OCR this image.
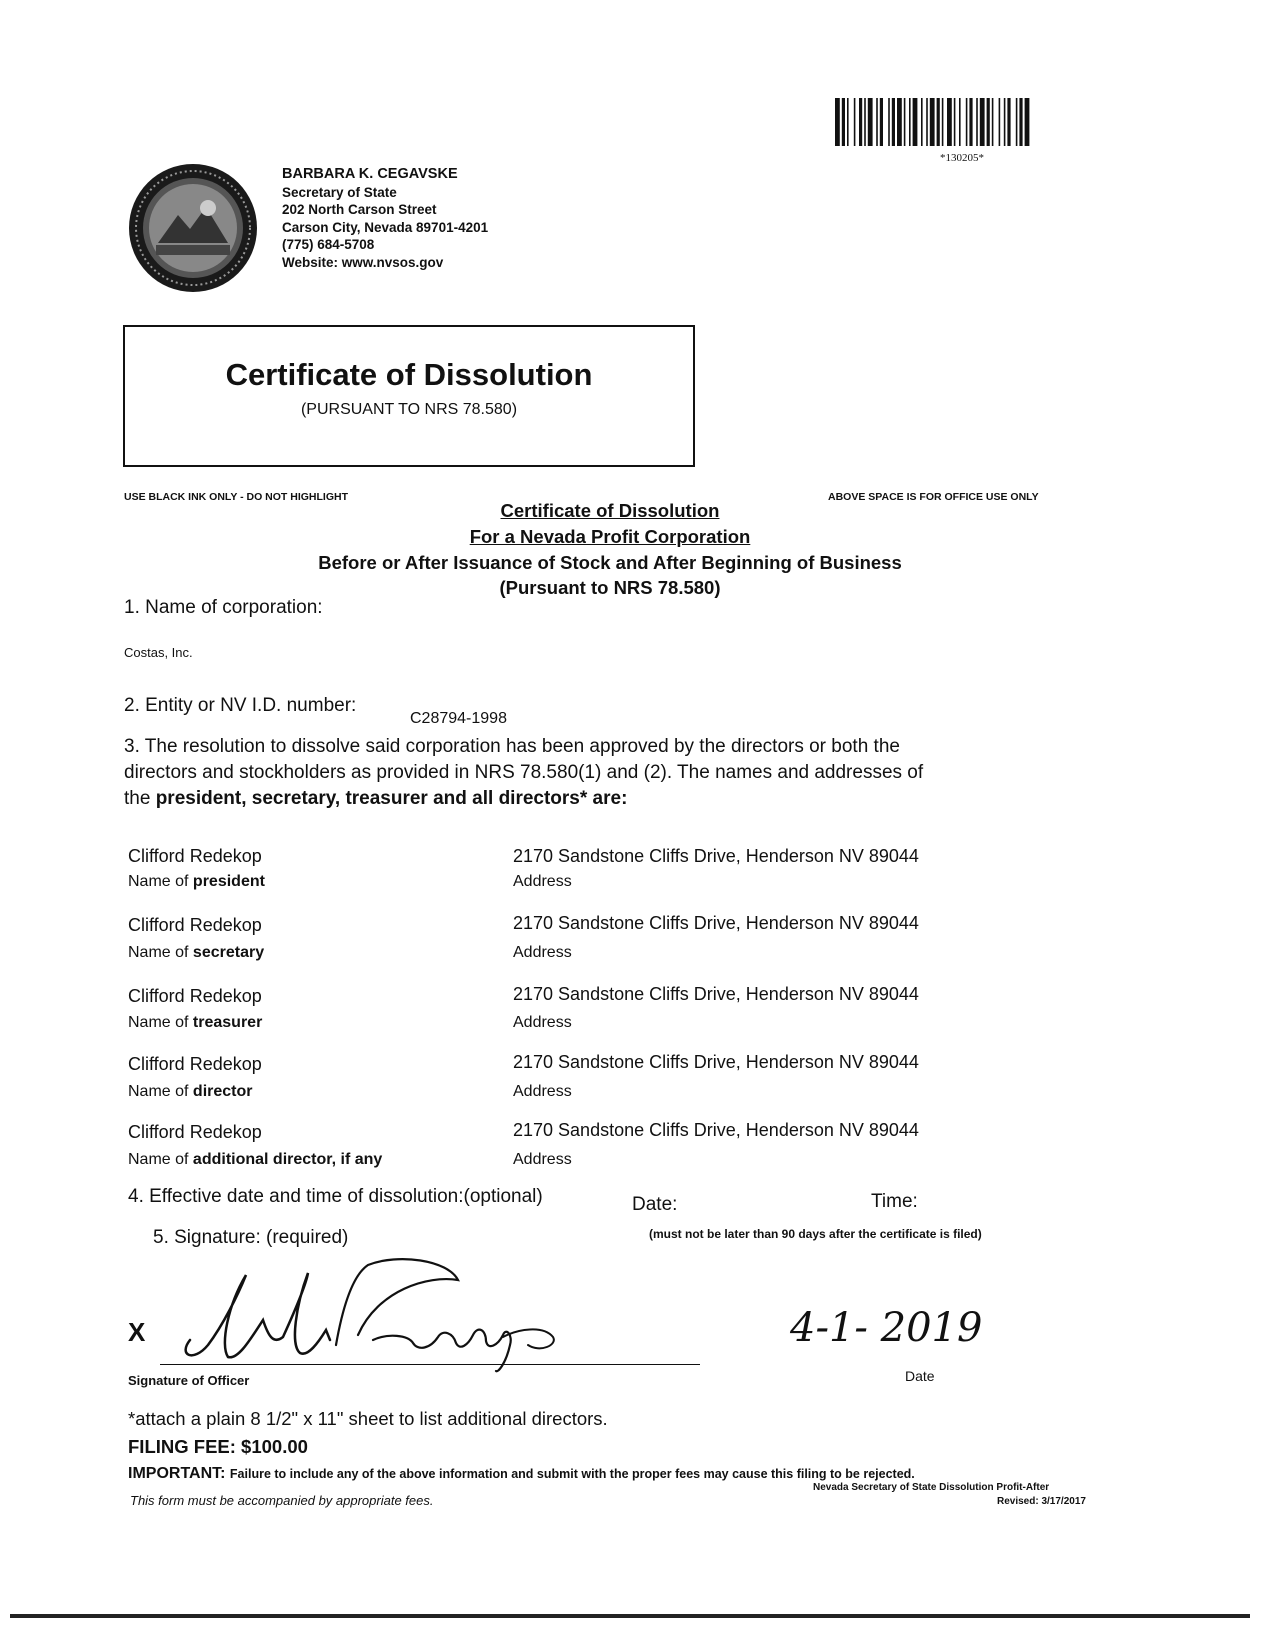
*130205*
BARBARA K. CEGAVSKE
Secretary of State
202 North Carson Street
Carson City, Nevada 89701-4201
(775) 684-5708
Website: www.nvsos.gov
Certificate of Dissolution
(PURSUANT TO NRS 78.580)
USE BLACK INK ONLY - DO NOT HIGHLIGHT	ABOVE SPACE IS FOR OFFICE USE ONLY
Certificate of Dissolution
For a Nevada Profit Corporation
Before or After Issuance of Stock and After Beginning of Business
(Pursuant to NRS 78.580)
1. Name of corporation:
Costas, Inc.
2. Entity or NV I.D. number:
C28794-1998
3. The resolution to dissolve said corporation has been approved by the directors or both the
directors and stockholders as provided in NRS 78.580(1) and (2). The names and addresses of
the president, secretary, treasurer and all directors* are:
Clifford Redekop
Name of president
2170 Sandstone Cliffs Drive, Henderson NV 89044
Address
Clifford Redekop
Name of secretary
2170 Sandstone Cliffs Drive, Henderson NV 89044
Address
Clifford Redekop
Name of treasurer
2170 Sandstone Cliffs Drive, Henderson NV 89044
Address
Clifford Redekop
Name of director
2170 Sandstone Cliffs Drive, Henderson NV 89044
Address
Clifford Redekop
Name of additional director, if any
2170 Sandstone Cliffs Drive, Henderson NV 89044
Address
4. Effective date and time of dissolution:(optional)	Date:	Time:
(must not be later than 90 days after the certificate is filed)
5. Signature: (required)
X
Signature of Officer
4-1- 2019
Date
*attach a plain 8 1/2" x 11" sheet to list additional directors.
FILING FEE: $100.00
IMPORTANT: Failure to include any of the above information and submit with the proper fees may cause this filing to be rejected.
This form must be accompanied by appropriate fees.
Nevada Secretary of State Dissolution Profit-After
Revised: 3/17/2017
